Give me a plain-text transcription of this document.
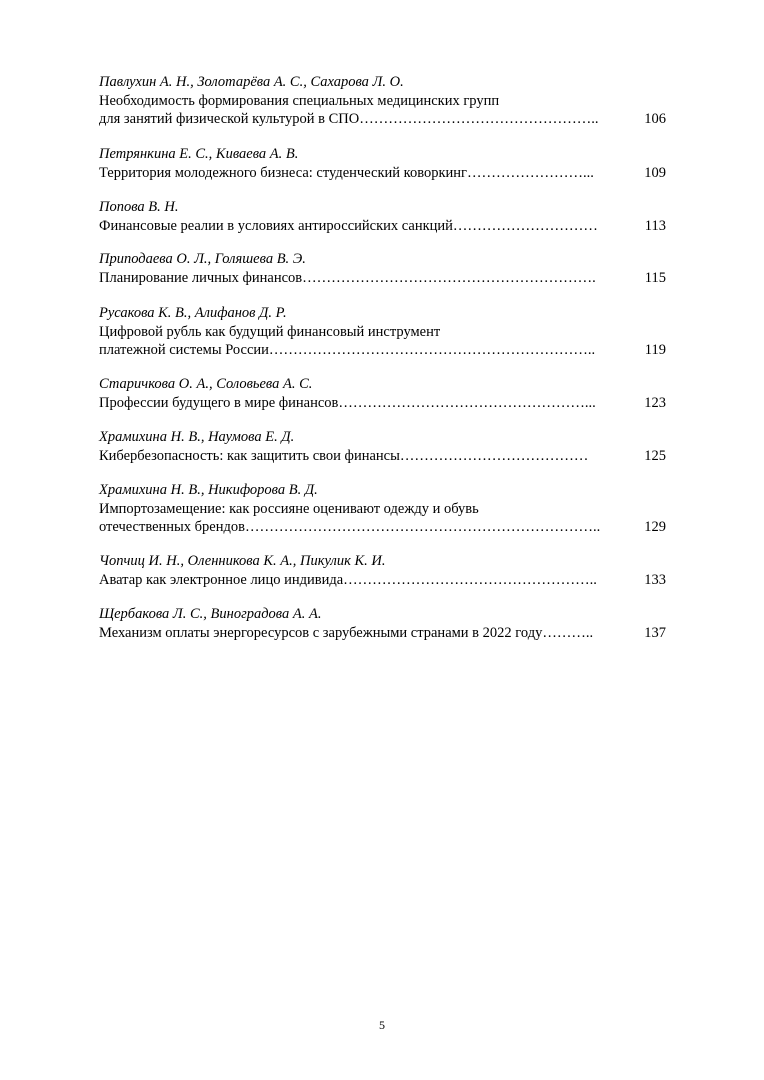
Павлухин А. Н., Золотарёва А. С., Сахарова Л. О.
Необходимость формирования специальных медицинских групп
для занятий физической культурой в СПО…………………………………………..	106
Петрянкина Е. С., Киваева А. В.
Территория молодежного бизнеса: студенческий коворкинг……………………...	109
Попова В. Н.
Финансовые реалии в условиях антироссийских санкций…………………………	113
Приподаева О. Л., Голяшева В. Э.
Планирование личных финансов…………………………………………………….	115
Русакова К. В., Алифанов Д. Р.
Цифровой рубль как будущий финансовый инструмент
платежной системы России…………………………………………………………..	119
Старичкова О. А., Соловьева А. С.
Профессии будущего в мире финансов……………………………………………...	123
Храмихина Н. В., Наумова Е. Д.
Кибербезопасность: как защитить свои финансы…………………………………	125
Храмихина Н. В., Никифорова В. Д.
Импортозамещение: как россияне оценивают одежду и обувь
отечественных брендов………………………………………………………………..	129
Чопчиц И. Н., Оленникова К. А., Пикулик К. И.
Аватар как электронное лицо индивида……………………………………………..	133
Щербакова Л. С., Виноградова А. А.
Механизм оплаты энергоресурсов с зарубежными странами в 2022 году………..	137
5
